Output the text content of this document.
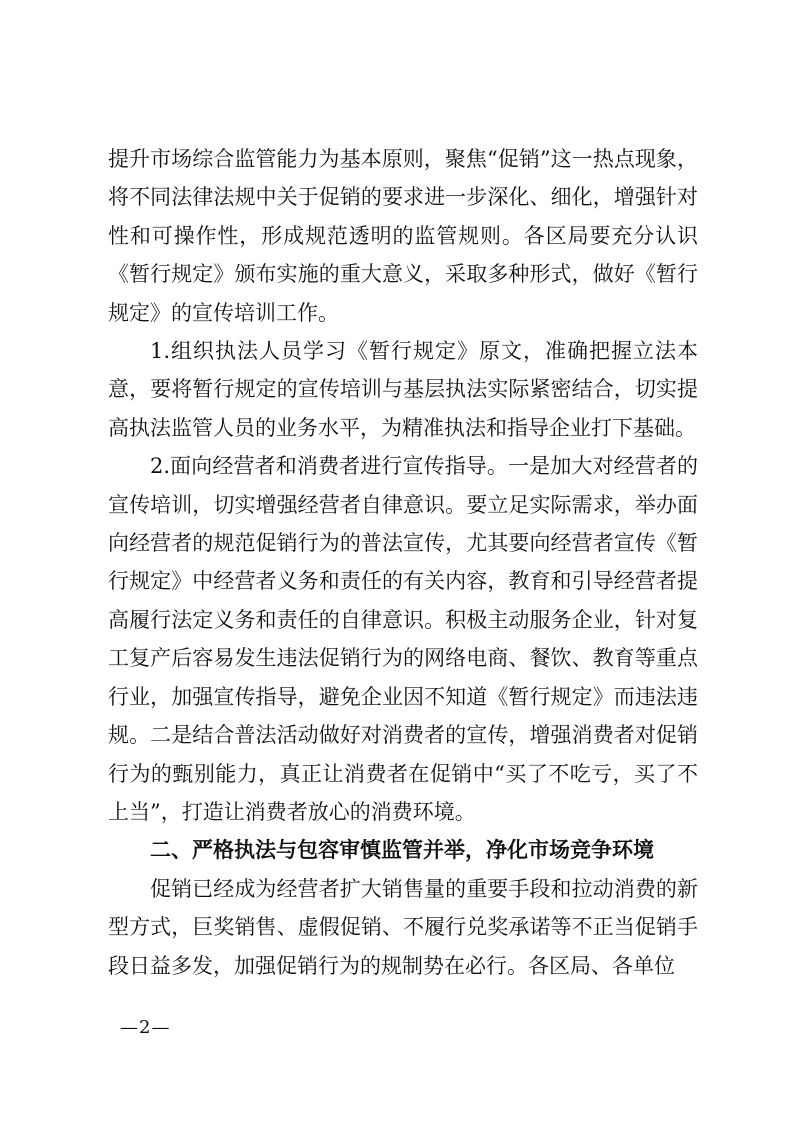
提升市场综合监管能力为基本原则，聚焦“促销”这一热点现象，将不同法律法规中关于促销的要求进一步深化、细化，增强针对性和可操作性，形成规范透明的监管规则。各区局要充分认识《暂行规定》颁布实施的重大意义，采取多种形式，做好《暂行规定》的宣传培训工作。

1.组织执法人员学习《暂行规定》原文，准确把握立法本意，要将暂行规定的宣传培训与基层执法实际紧密结合，切实提高执法监管人员的业务水平，为精准执法和指导企业打下基础。

2.面向经营者和消费者进行宣传指导。一是加大对经营者的宣传培训，切实增强经营者自律意识。要立足实际需求，举办面向经营者的规范促销行为的普法宣传，尤其要向经营者宣传《暂行规定》中经营者义务和责任的有关内容，教育和引导经营者提高履行法定义务和责任的自律意识。积极主动服务企业，针对复工复产后容易发生违法促销行为的网络电商、餐饮、教育等重点行业，加强宣传指导，避免企业因不知道《暂行规定》而违法违规。二是结合普法活动做好对消费者的宣传，增强消费者对促销行为的甄别能力，真正让消费者在促销中“买了不吃亏，买了不上当”，打造让消费者放心的消费环境。

二、严格执法与包容审慎监管并举，净化市场竞争环境

促销已经成为经营者扩大销售量的重要手段和拉动消费的新型方式，巨奖销售、虚假促销、不履行兑奖承诺等不正当促销手段日益多发，加强促销行为的规制势在必行。各区局、各单位

—2—
